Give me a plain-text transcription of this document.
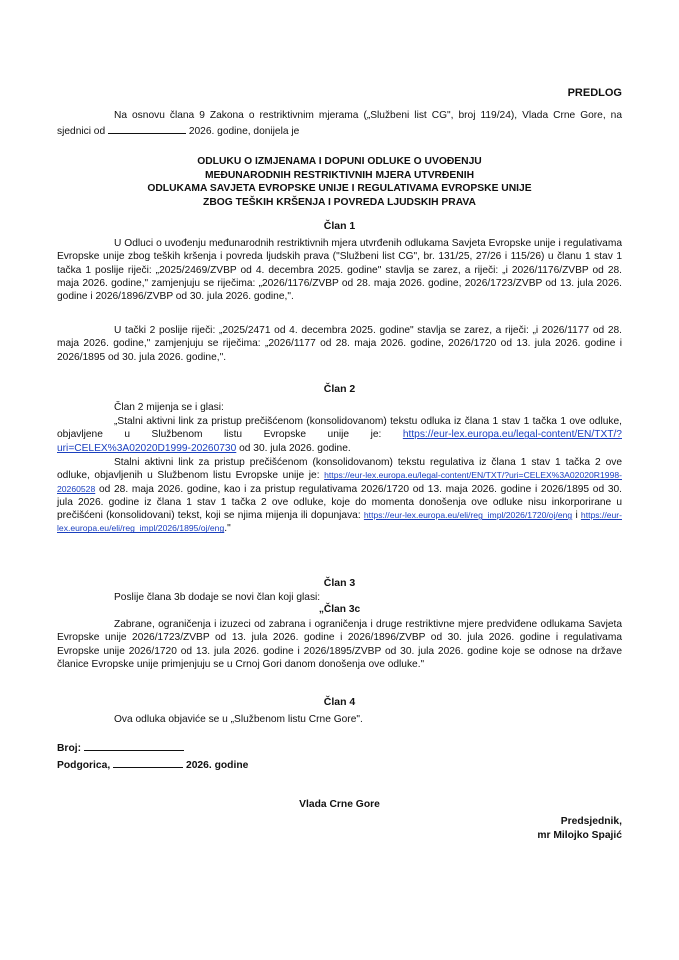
PREDLOG

Na osnovu člana 9 Zakona o restriktivnim mjerama („Službeni list CG", broj 119/24), Vlada Crne Gore, na sjednici od	2026. godine, donijela je

ODLUKU O IZMJENAMA I DOPUNI ODLUKE O UVOĐENJU
MEĐUNARODNIH RESTRIKTIVNIH MJERA UTVRĐENIH
ODLUKAMA SAVJETA EVROPSKE UNIJE I REGULATIVAMA EVROPSKE UNIJE
ZBOG TEŠKIH KRŠENJA I POVREDA LJUDSKIH PRAVA
Član 1

U Odluci o uvođenju međunarodnih restriktivnih mjera utvrđenih odlukama Savjeta Evropske unije i regulativama Evropske unije zbog teških kršenja i povreda ljudskih prava ("Službeni list CG", br. 131/25, 27/26 i 115/26) u članu 1 stav 1 tačka 1 poslije riječi: „2025/2469/ZVBP od 4. decembra 2025. godine" stavlja se zarez, a riječi: „i 2026/1176/ZVBP od 28. maja 2026. godine," zamjenjuju se riječima: „2026/1176/ZVBP od 28. maja 2026. godine, 2026/1723/ZVBP od 13. jula 2026. godine i 2026/1896/ZVBP od 30. jula 2026. godine,".

U tački 2 poslije riječi: „2025/2471 od 4. decembra 2025. godine" stavlja se zarez, a riječi: „i 2026/1177 od 28. maja 2026. godine," zamjenjuju se riječima: „2026/1177 od 28. maja 2026. godine, 2026/1720 od 13. jula 2026. godine i 2026/1895 od 30. jula 2026. godine,".

Član 2

Član 2 mijenja se i glasi:

„Stalni aktivni link za pristup prečišćenom (konsolidovanom) tekstu odluka iz člana 1 stav 1 tačka 1 ove odluke, objavljene u Službenom listu Evropske unije je: https://eur-lex.europa.eu/legal-content/EN/TXT/?uri=CELEX%3A02020D1999-20260730 od 30. jula 2026. godine.

Stalni aktivni link za pristup prečišćenom (konsolidovanom) tekstu regulativa iz člana 1 stav 1 tačka 2 ove odluke, objavljenih u Službenom listu Evropske unije je: https://eur-lex.europa.eu/legal-content/EN/TXT/?uri=CELEX%3A02020R1998-20260528 od 28. maja 2026. godine, kao i za pristup regulativama 2026/1720 od 13. maja 2026. godine i 2026/1895 od 30. jula 2026. godine iz člana 1 stav 1 tačka 2 ove odluke, koje do momenta donošenja ove odluke nisu inkorporirane u prečišćeni (konsolidovani) tekst, koji se njima mijenja ili dopunjava: https://eur-lex.europa.eu/eli/reg_impl/2026/1720/oj/eng i https://eur-lex.europa.eu/eli/reg_impl/2026/1895/oj/eng."

Član 3

Poslije člana 3b dodaje se novi član koji glasi:

„Član 3c

Zabrane, ograničenja i izuzeci od zabrana i ograničenja i druge restriktivne mjere predviđene odlukama Savjeta Evropske unije 2026/1723/ZVBP od 13. jula 2026. godine i 2026/1896/ZVBP od 30. jula 2026. godine i regulativama Evropske unije 2026/1720 od 13. jula 2026. godine i 2026/1895/ZVBP od 30. jula 2026. godine koje se odnose na države članice Evropske unije primjenjuju se u Crnoj Gori danom donošenja ove odluke."

Član 4

Ova odluka objaviće se u „Službenom listu Crne Gore".

Broj:
Podgorica,	2026. godine
Vlada Crne Gore
Predsjednik,
mr Milojko Spajić
